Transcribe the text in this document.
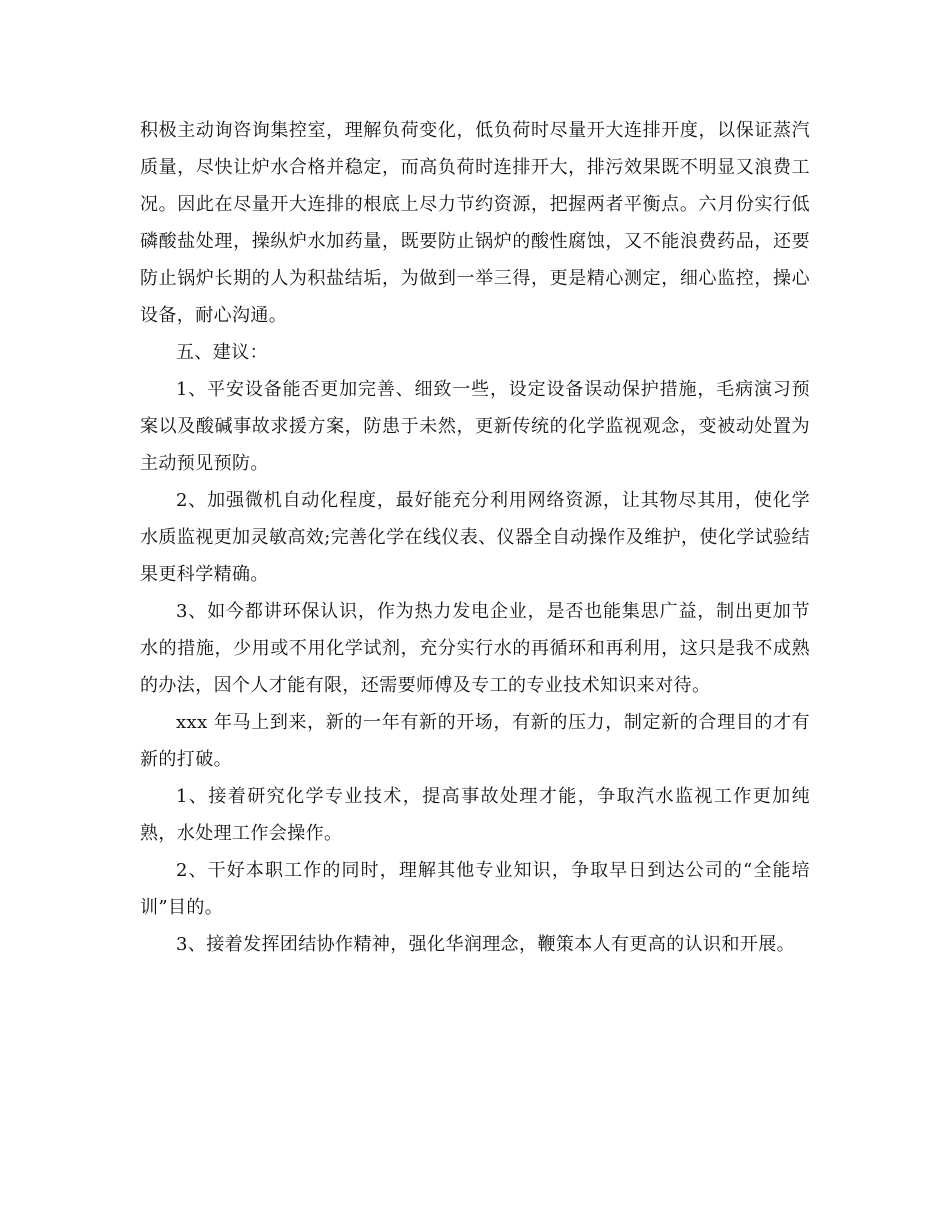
积极主动询咨询集控室，理解负荷变化，低负荷时尽量开大连排开度，以保证蒸汽质量，尽快让炉水合格并稳定，而高负荷时连排开大，排污效果既不明显又浪费工况。因此在尽量开大连排的根底上尽力节约资源，把握两者平衡点。六月份实行低磷酸盐处理，操纵炉水加药量，既要防止锅炉的酸性腐蚀，又不能浪费药品，还要防止锅炉长期的人为积盐结垢，为做到一举三得，更是精心测定，细心监控，操心设备，耐心沟通。

五、建议：

1、平安设备能否更加完善、细致一些，设定设备误动保护措施，毛病演习预案以及酸碱事故求援方案，防患于未然，更新传统的化学监视观念，变被动处置为主动预见预防。

2、加强微机自动化程度，最好能充分利用网络资源，让其物尽其用，使化学水质监视更加灵敏高效;完善化学在线仪表、仪器全自动操作及维护，使化学试验结果更科学精确。

3、如今都讲环保认识，作为热力发电企业，是否也能集思广益，制出更加节水的措施，少用或不用化学试剂，充分实行水的再循环和再利用，这只是我不成熟的办法，因个人才能有限，还需要师傅及专工的专业技术知识来对待。

xxx 年马上到来，新的一年有新的开场，有新的压力，制定新的合理目的才有新的打破。

1、接着研究化学专业技术，提高事故处理才能，争取汽水监视工作更加纯熟，水处理工作会操作。

2、干好本职工作的同时，理解其他专业知识，争取早日到达公司的“全能培训”目的。

3、接着发挥团结协作精神，强化华润理念，鞭策本人有更高的认识和开展。
